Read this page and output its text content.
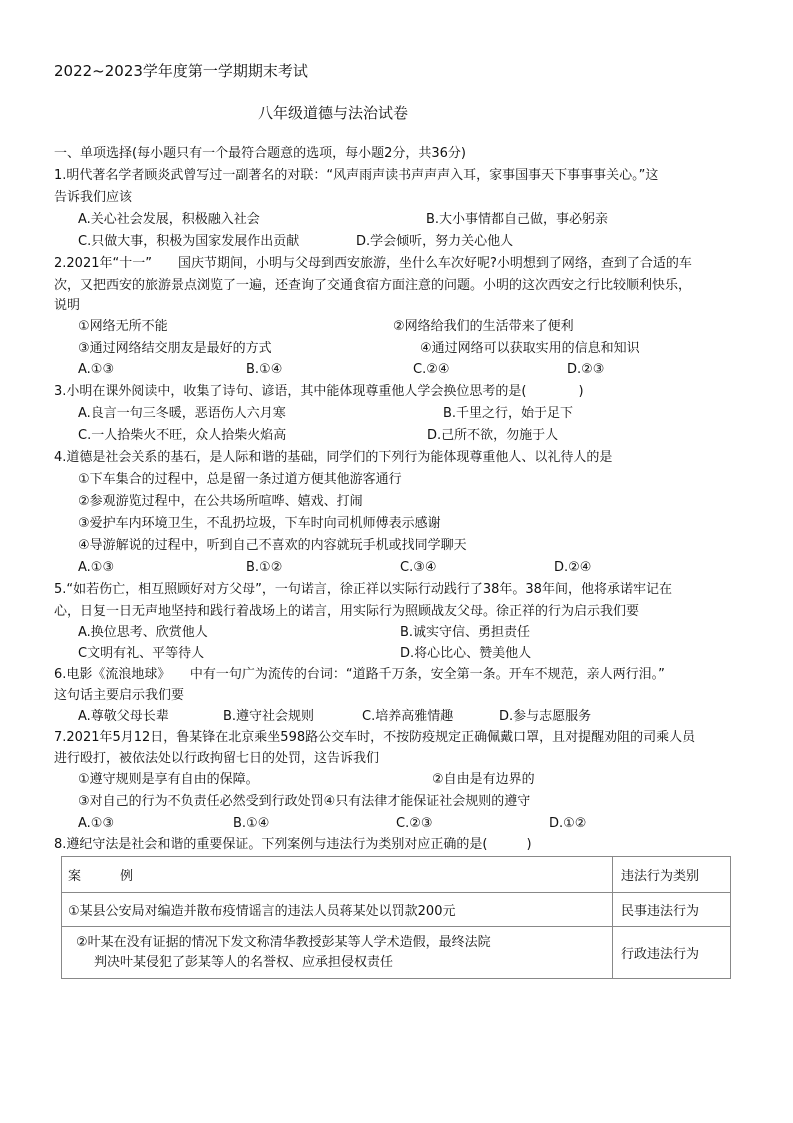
2022~2023学年度第一学期期末考试
八年级道德与法治试卷
一、单项选择(每小题只有一个最符合题意的选项，每小题2分，共36分)
1.明代著名学者顾炎武曾写过一副著名的对联：“风声雨声读书声声声入耳，家事国事天下事事事关心。”这
告诉我们应该
A.关心社会发展，积极融入社会	B.大小事情都自己做，事必躬亲
C.只做大事，积极为国家发展作出贡献	D.学会倾听，努力关心他人
2.2021年“十一”　　国庆节期间，小明与父母到西安旅游，坐什么车次好呢?小明想到了网络，查到了合适的车
次，又把西安的旅游景点浏览了一遍，还查询了交通食宿方面注意的问题。小明的这次西安之行比较顺利快乐，
说明
①网络无所不能	②网络给我们的生活带来了便利
③通过网络结交朋友是最好的方式	④通过网络可以获取实用的信息和知识
A.①③	B.①④	C.②④	D.②③
3.小明在课外阅读中，收集了诗句、谚语，其中能体现尊重他人学会换位思考的是(　　　　)
A.良言一句三冬暖，恶语伤人六月寒	B.千里之行，始于足下
C.一人拾柴火不旺，众人拾柴火焰高	D.己所不欲，勿施于人
4.道德是社会关系的基石，是人际和谐的基础，同学们的下列行为能体现尊重他人、以礼待人的是
①下车集合的过程中，总是留一条过道方便其他游客通行
②参观游览过程中，在公共场所喧哗、嬉戏、打闹
③爱护车内环境卫生，不乱扔垃圾，下车时向司机师傅表示感谢
④导游解说的过程中，听到自己不喜欢的内容就玩手机或找同学聊天
A.①③	B.①②	C.③④	D.②④
5.“如若伤亡，相互照顾好对方父母”，一句诺言，徐正祥以实际行动践行了38年。38年间，他将承诺牢记在
心，日复一日无声地坚持和践行着战场上的诺言，用实际行为照顾战友父母。徐正祥的行为启示我们要
A.换位思考、欣赏他人	B.诚实守信、勇担责任
C文明有礼、平等待人	D.将心比心、赞美他人
6.电影《流浪地球》　　中有一句广为流传的台词：“道路千万条，安全第一条。开车不规范，亲人两行泪。”
这句话主要启示我们要
A.尊敬父母长辈	B.遵守社会规则	C.培养高雅情趣	D.参与志愿服务
7.2021年5月12日，鲁某锋在北京乘坐598路公交车时，不按防疫规定正确佩戴口罩，且对提醒劝阻的司乘人员
进行殴打，被依法处以行政拘留七日的处罚，这告诉我们
①遵守规则是享有自由的保障。	②自由是有边界的
③对自己的行为不负责任必然受到行政处罚④只有法律才能保证社会规则的遵守
A.①③	B.①④	C.②③	D.①②
8.遵纪守法是社会和谐的重要保证。下列案例与违法行为类别对应正确的是(　　　)
案　　　例	违法行为类别
①某县公安局对编造并散布疫情谣言的违法人员蒋某处以罚款200元	民事违法行为

②叶某在没有证据的情况下发文称清华教授彭某等人学术造假，最终法院
判决叶某侵犯了彭某等人的名誉权、应承担侵权责任	行政违法行为
